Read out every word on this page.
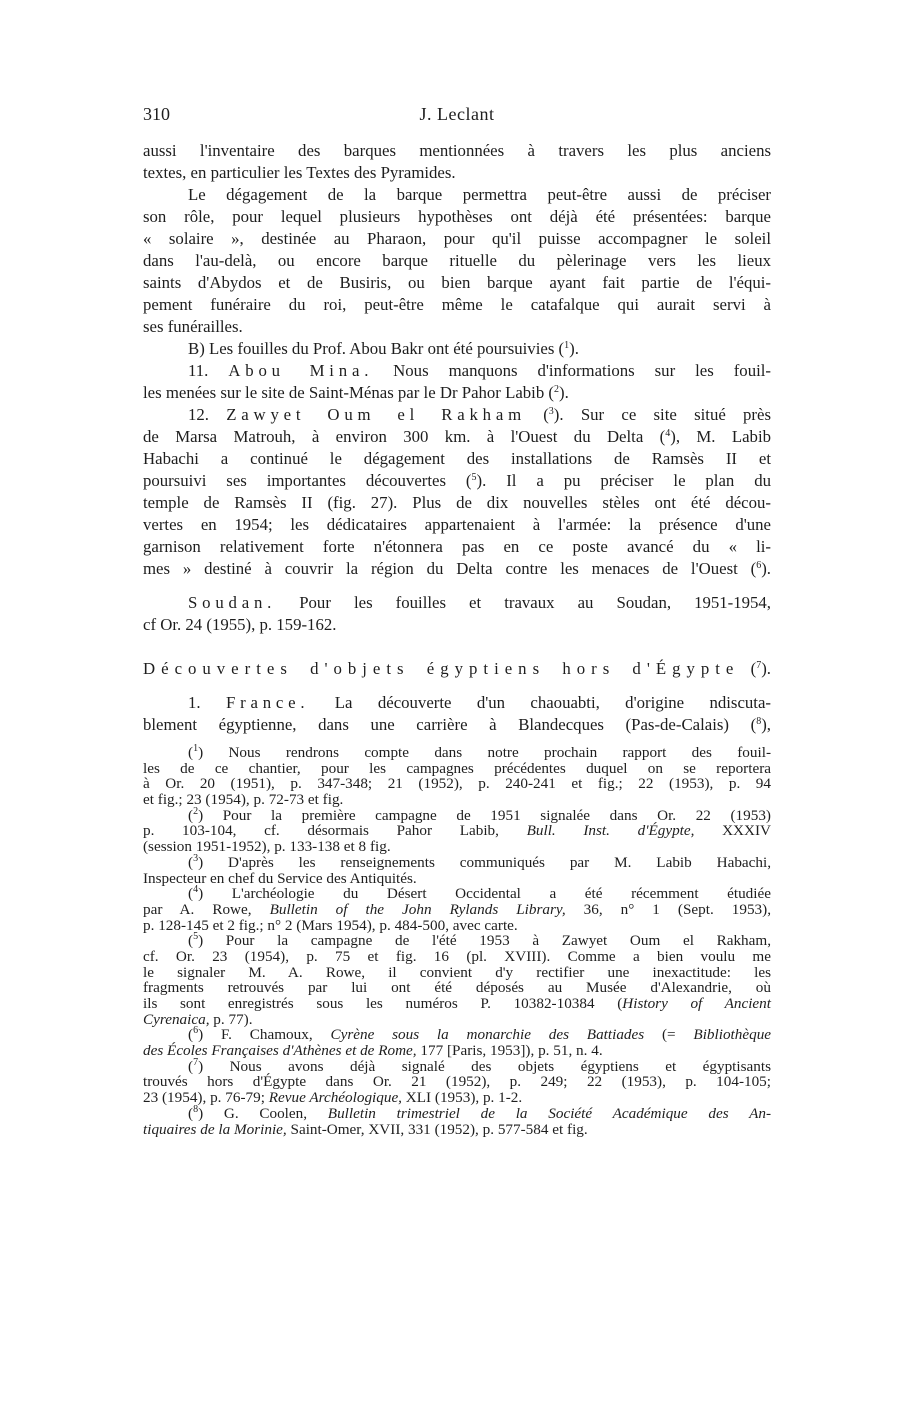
310	J. Leclant
aussi l'inventaire des barques mentionnées à travers les plus anciens
textes, en particulier les Textes des Pyramides.
Le dégagement de la barque permettra peut-être aussi de préciser
son rôle, pour lequel plusieurs hypothèses ont déjà été présentées: barque
« solaire », destinée au Pharaon, pour qu'il puisse accompagner le soleil
dans l'au-delà, ou encore barque rituelle du pèlerinage vers les lieux
saints d'Abydos et de Busiris, ou bien barque ayant fait partie de l'équi-
pement funéraire du roi, peut-être même le catafalque qui aurait servi à
ses funérailles.
B) Les fouilles du Prof. Abou Bakr ont été poursuivies ($^1$).
11. Abou Mina. Nous manquons d'informations sur les fouil-
les menées sur le site de Saint-Ménas par le Dr Pahor Labib ($^2$).
12. Zawyet Oum el Rakham ($^3$). Sur ce site situé près
de Marsa Matrouh, à environ 300 km. à l'Ouest du Delta ($^4$), M. Labib
Habachi a continué le dégagement des installations de Ramsès II et
poursuivi ses importantes découvertes ($^5$). Il a pu préciser le plan du
temple de Ramsès II (fig. 27). Plus de dix nouvelles stèles ont été décou-
vertes en 1954; les dédicataires appartenaient à l'armée: la présence d'une
garnison relativement forte n'étonnera pas en ce poste avancé du « li-
mes » destiné à couvrir la région du Delta contre les menaces de l'Ouest ($^6$).
Soudan. Pour les fouilles et travaux au Soudan, 1951-1954,
cf Or. 24 (1955), p. 159-162.
Découvertes d'objets égyptiens hors d'Égypte ($^7$).
1. France. La découverte d'un chaouabti, d'origine ndiscuta-
blement égyptienne, dans une carrière à Blandecques (Pas-de-Calais) ($^8$),
($^1$) Nous rendrons compte dans notre prochain rapport des fouil-
les de ce chantier, pour les campagnes précédentes duquel on se reportera
à Or. 20 (1951), p. 347-348; 21 (1952), p. 240-241 et fig.; 22 (1953), p. 94
et fig.; 23 (1954), p. 72-73 et fig.
($^2$) Pour la première campagne de 1951 signalée dans Or. 22 (1953)
p. 103-104, cf. désormais Pahor Labib, Bull. Inst. d'Égypte, XXXIV
(session 1951-1952), p. 133-138 et 8 fig.
($^3$) D'après les renseignements communiqués par M. Labib Habachi,
Inspecteur en chef du Service des Antiquités.
($^4$) L'archéologie du Désert Occidental a été récemment étudiée
par A. Rowe, Bulletin of the John Rylands Library, 36, n° 1 (Sept. 1953),
p. 128-145 et 2 fig.; n° 2 (Mars 1954), p. 484-500, avec carte.
($^5$) Pour la campagne de l'été 1953 à Zawyet Oum el Rakham,
cf. Or. 23 (1954), p. 75 et fig. 16 (pl. XVIII). Comme a bien voulu me
le signaler M. A. Rowe, il convient d'y rectifier une inexactitude: les
fragments retrouvés par lui ont été déposés au Musée d'Alexandrie, où
ils sont enregistrés sous les numéros P. 10382-10384 (History of Ancient
Cyrenaica, p. 77).
($^6$) F. Chamoux, Cyrène sous la monarchie des Battiades (= Bibliothèque
des Écoles Françaises d'Athènes et de Rome, 177 [Paris, 1953]), p. 51, n. 4.
($^7$) Nous avons déjà signalé des objets égyptiens et égyptisants
trouvés hors d'Égypte dans Or. 21 (1952), p. 249; 22 (1953), p. 104-105;
23 (1954), p. 76-79; Revue Archéologique, XLI (1953), p. 1-2.
($^8$) G. Coolen, Bulletin trimestriel de la Société Académique des An-
tiquaires de la Morinie, Saint-Omer, XVII, 331 (1952), p. 577-584 et fig.
